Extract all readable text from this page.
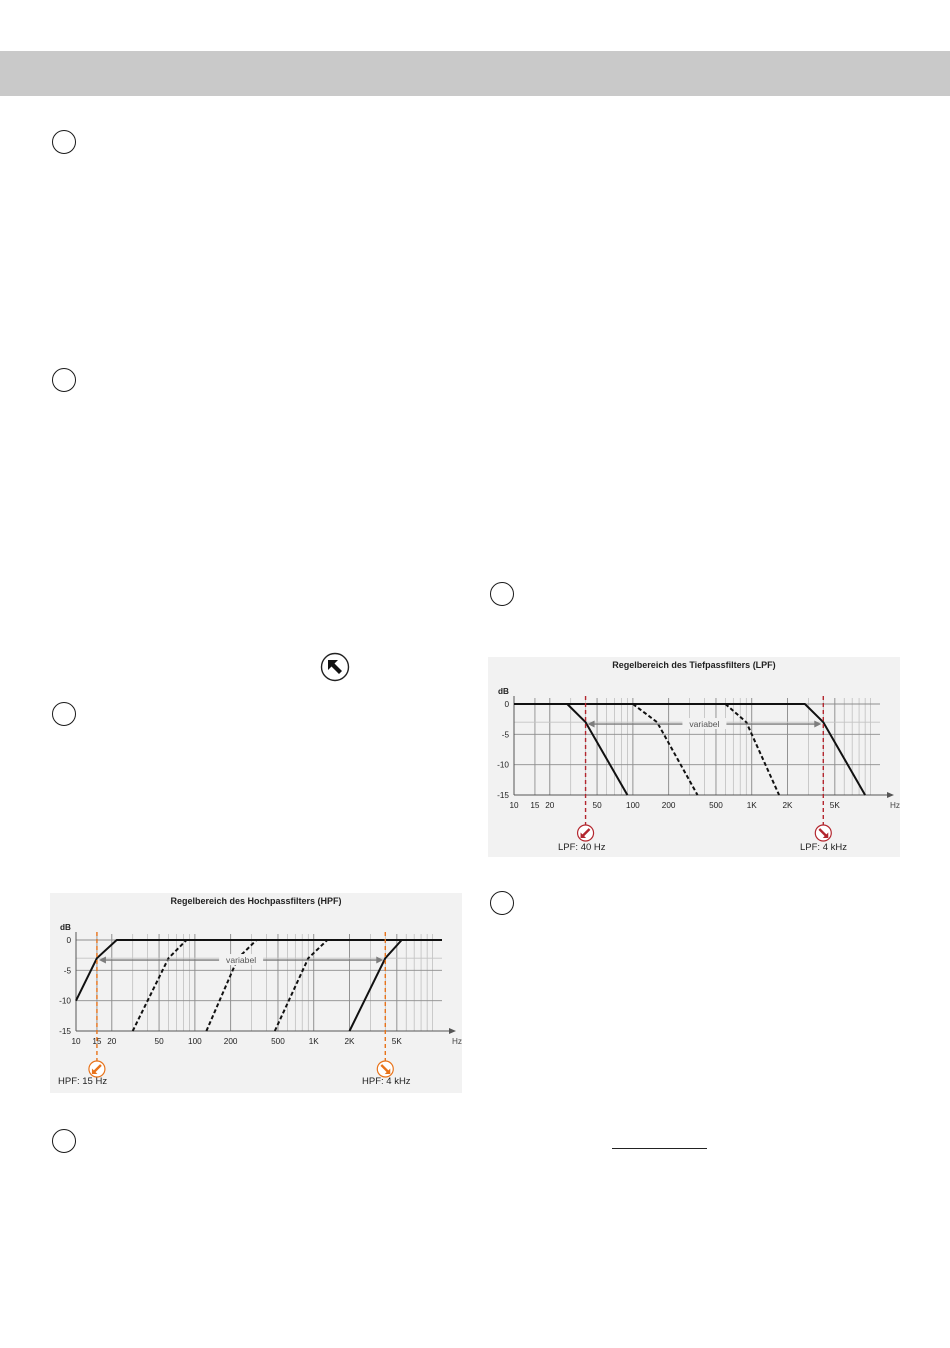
Regelbereich des Hochpassfilters (HPF)
10 15 20	50	100	200	500	1K	2K	5K
0
-5
-10
-15
dB
Hz
variabel
HPF: 15 Hz	HPF: 4 kHz
Regelbereich des Tiefpassfilters (LPF)
10 15 20	50	100	200	500	1K	2K	5K
0
-5
-10
-15
dB
Hz
variabel
LPF: 40 Hz	LPF: 4 kHz
